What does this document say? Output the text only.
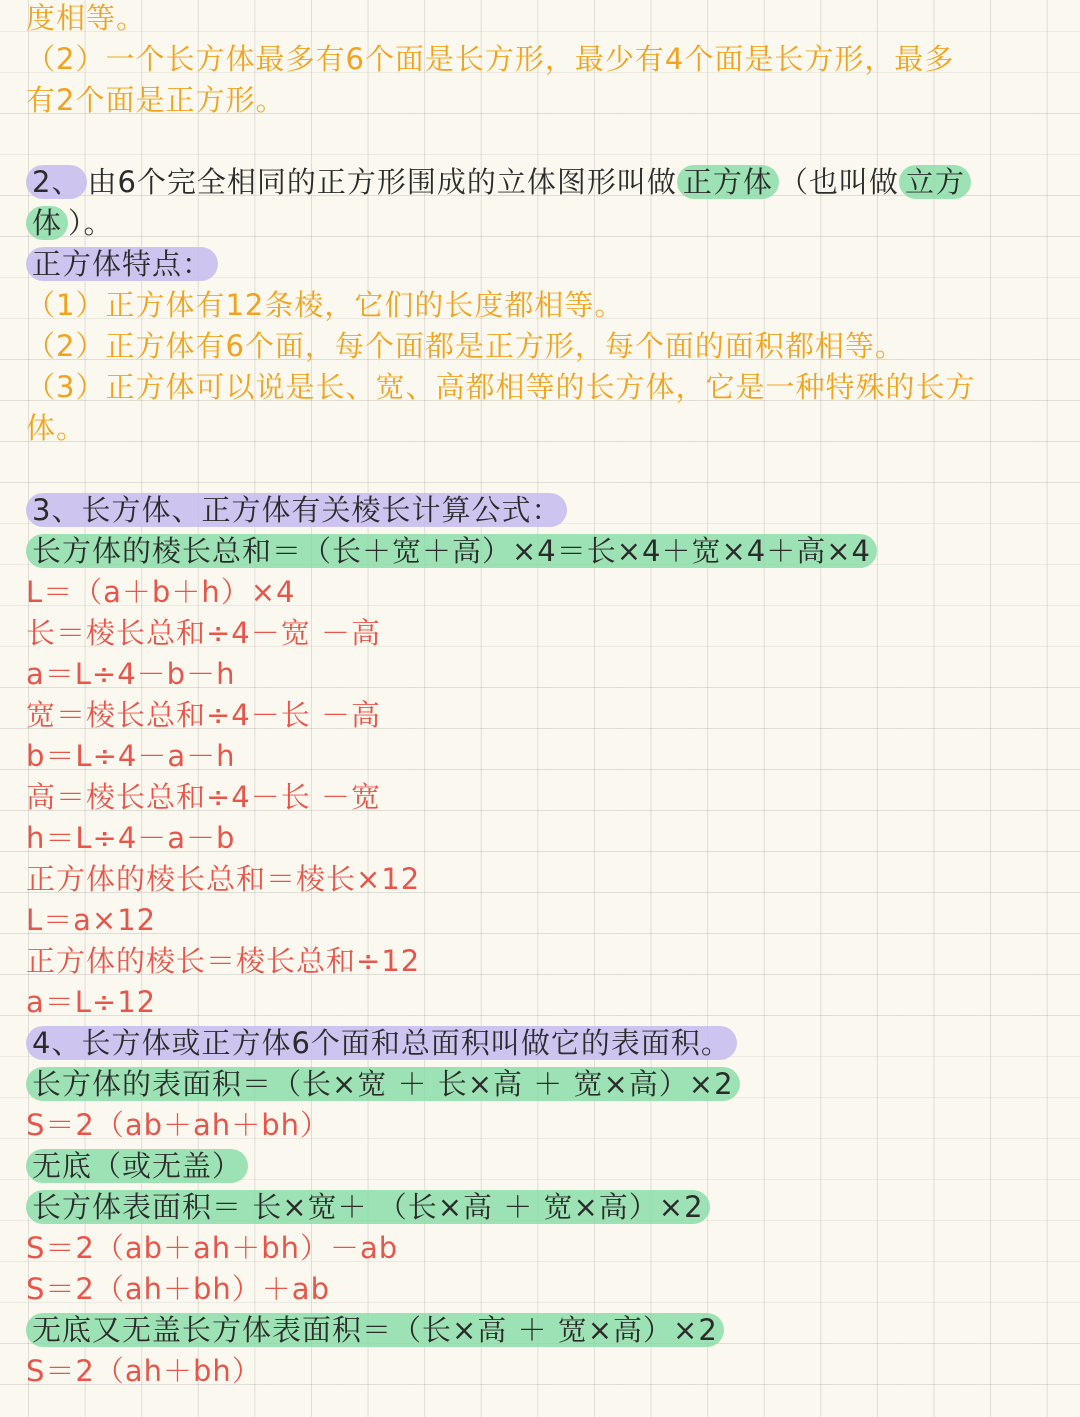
度相等。
（2）一个长方体最多有6个面是长方形，最少有4个面是长方形，最多
有2个面是正方形。
2、 由6个完全相同的正方形围成的立体图形叫做 正方体 （也叫做 立方
体 ）。
正方体特点：
（1）正方体有12条棱，它们的长度都相等。
（2）正方体有6个面，每个面都是正方形，每个面的面积都相等。
（3）正方体可以说是长、宽、高都相等的长方体，它是一种特殊的长方
体。
3、长方体、正方体有关棱长计算公式：
长方体的棱长总和＝（长＋宽＋高）×4＝长×4＋宽×4＋高×4
L＝（a＋b＋h）×4
长＝棱长总和÷4－宽 －高
a＝L÷4－b－h
宽＝棱长总和÷4－长 －高
b＝L÷4－a－h
高＝棱长总和÷4－长 －宽
h＝L÷4－a－b
正方体的棱长总和＝棱长×12
L＝a×12
正方体的棱长＝棱长总和÷12
a＝L÷12
4、长方体或正方体6个面和总面积叫做它的表面积。
长方体的表面积＝（长×宽 ＋ 长×高 ＋ 宽×高）×2
S＝2（ab＋ah＋bh）
无底（或无盖）
长方体表面积＝ 长×宽＋ （长×高 ＋ 宽×高）×2
S＝2（ab＋ah＋bh）－ab
S＝2（ah＋bh）＋ab
无底又无盖长方体表面积＝（长×高 ＋ 宽×高）×2
S＝2（ah＋bh）
